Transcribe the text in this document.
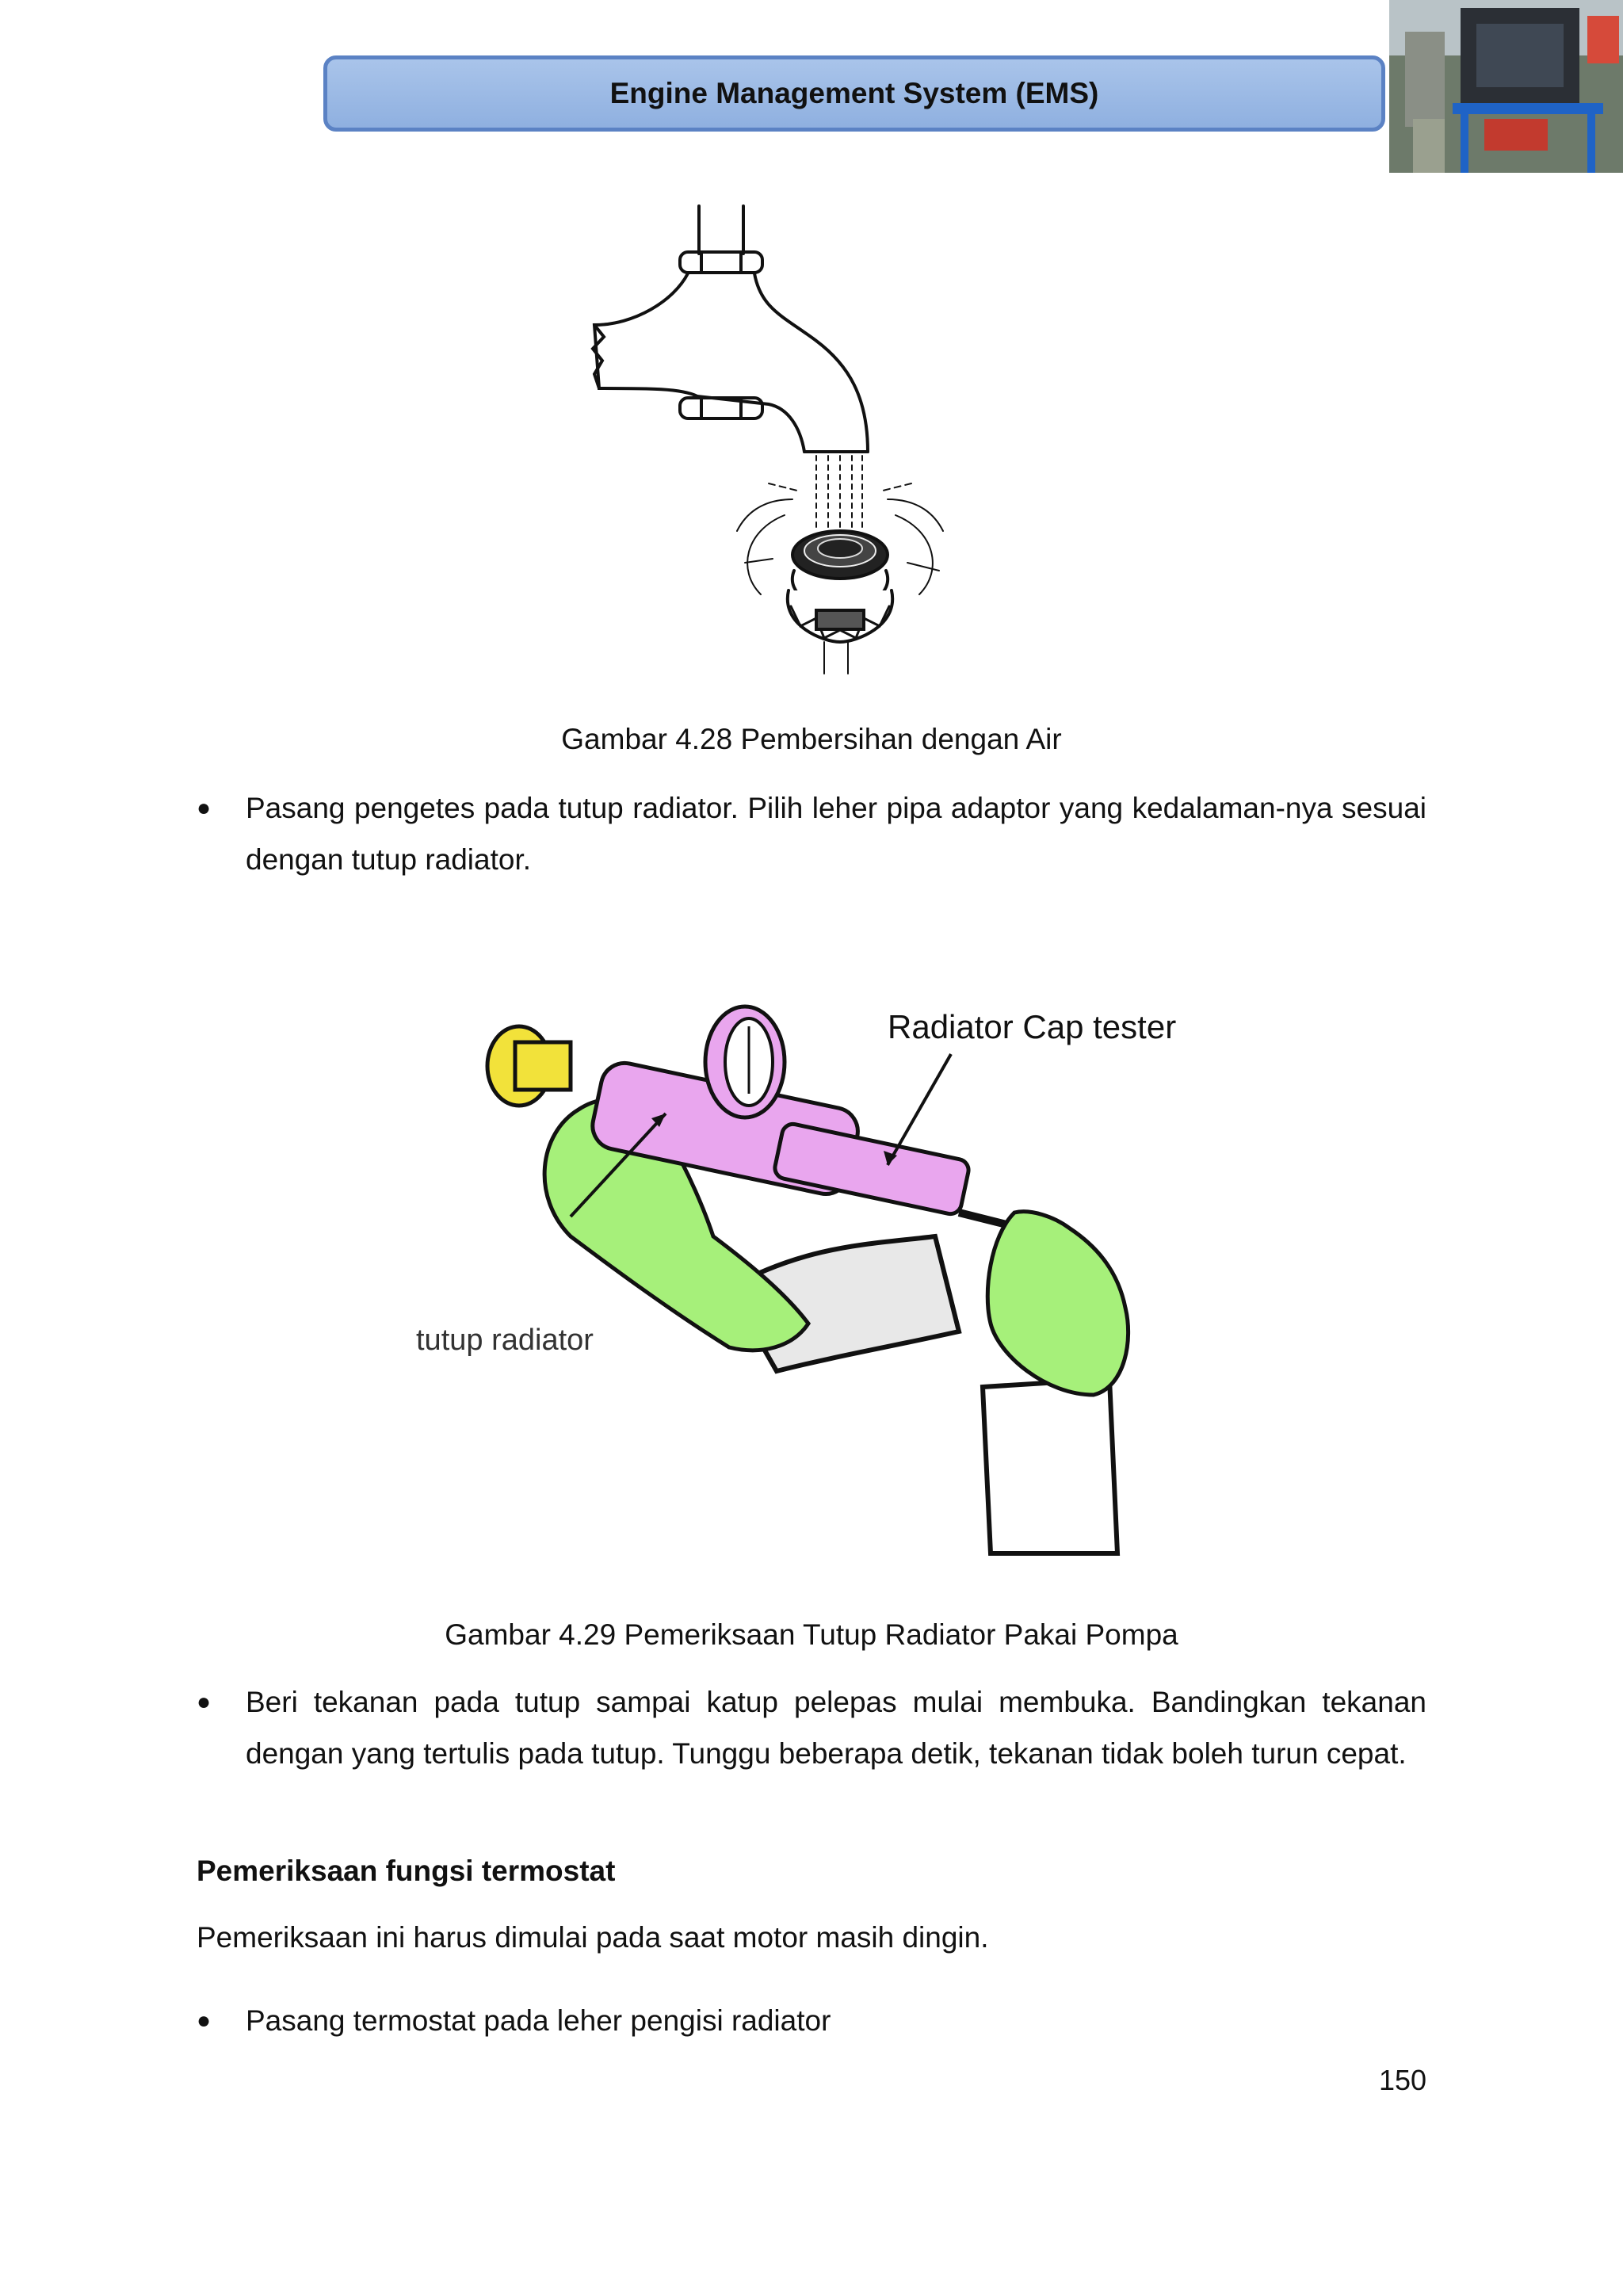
Engine Management System (EMS)
Gambar 4.28 Pembersihan dengan Air
● Pasang pengetes pada tutup radiator. Pilih leher pipa adaptor yang kedalaman-nya sesuai dengan tutup radiator.
Radiator Cap tester
tutup radiator
Gambar 4.29 Pemeriksaan Tutup Radiator Pakai Pompa
● Beri tekanan pada tutup sampai katup pelepas mulai membuka. Bandingkan tekanan dengan yang tertulis pada tutup. Tunggu beberapa detik, tekanan tidak boleh turun cepat.
Pemeriksaan fungsi termostat
Pemeriksaan ini harus dimulai pada saat motor masih dingin.
● Pasang termostat pada leher pengisi radiator
150
